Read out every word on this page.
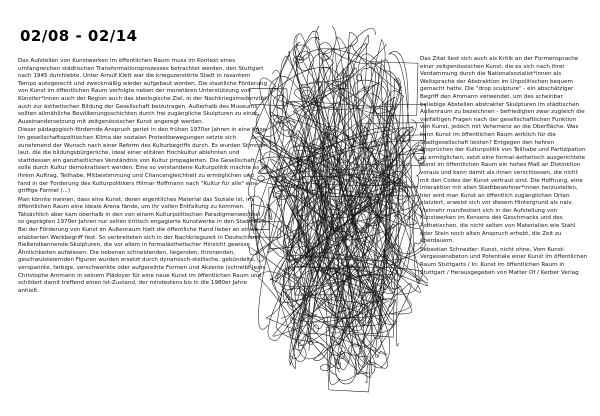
02/08 - 02/14

Das Aufstellen von Kunstwerken im öffentlichen Raum muss im Kontext eines umfangreichen städtischen Transformationsprozesses betrachtet werden, den Stuttgart nach 1945 durchlebte. Unter Arnulf Klett war die kriegszerstörte Stadt in rasantem Tempo autogerecht und zweckmäßig wieder aufgebaut worden. Die staatliche Förderung von Kunst im öffentlichen Raum verfolgte neben der monetären Unterstützung von Künstler*innen auch der Region auch das ideologische Ziel, in der Nachkriegsmodernität auch zur ästhetischen Bildung der Gesellschaft beizutragen. Außerhalb des Museums sollten allmähliche Bevölkerungsschichten durch frei zugängliche Skulpturen zu einer Auseinandersetzung mit zeitgenössischer Kunst angeregt werden.

Dieser pädagogisch-fördernde Anspruch geriet in den frühen 1970er Jahren in eine Krise. Im gesellschaftspolitischen Klima der sozialen Protestbewegungen setzte sich zunehmend der Wunsch nach einer Reform des Kulturbegriffs durch. Es wurden Stimmen laut, die die bildungsbürgerliche, ideal einer elitären Hochkultur ablehnten und stattdessen ein ganzheitliches Verständnis von Kultur propagierten. Die Gesellschaft solle durch Kultur demokratisiert werden. Eine so verstandene Kulturpolitik machte es zu ihrem Auftrag, Teilhabe, Mitbestimmung und Chancengleichheit zu ermöglichen und fand in der Forderung des Kulturpolitikers Hilmar Hoffmann nach "Kultur für alle" eine griffige Formel (...)

Man könnte meinen, dass eine Kunst, deren eigentliches Material das Soziale ist, im öffentlichen Raum eine ideale Arena fände, um ihr vollen Entfaltung zu kommen. Tatsächlich aber kam oberhalb in den von einem Kulturpolitischen Paradigmenwechsel so geprägten 1970er Jahren nur selten kritisch engagierte Kunstwerke in den Stadtraum. Bei der Förderung von Kunst im Außenraum hielt die öffentliche Hand lieber an einem etablierten Werkbegriff fest. So verbreiteten sich in der Nachkriegszeit in Deutschland fließendkennende Skulpturen, die vor allem in formalästhetischer Hinsicht gewisse Ähnlichkeiten aufwiesen: Die nebenan schneidenden, liegenden, thronenden, geschwulsteiernden Figuren wurden ersetzt durch dynamisch-stellische, gebündelte, verspannte, farbige, verschwenkte oder aufgereihte Formen und Akzente (schreibt Jean-Christophe Ammann in seinem Plädoyer für eine neue Kunst im öffentlichen Raum und schildert damit treffend einen Ist-Zustand, der mindestens bis in die 1980er Jahre anhielt.

Das Zitat liest sich auch als Kritik an der Formensprache einer zeitgenössischen Kunst, die es sich nach ihrer Verdammung durch die Nationalsozialist*innen als Weltsprache der Abstraktion im Unpolitischen bequem gemacht hatte. Die "drop sculpture" - ein abschätziger Begriff den Ammann verwendet, um des scheinbar beliebige Abstellen abstrakter Skulpturen im städtischen Außenraum zu bezeichnen - befriedigten zwar zugleich die vielfältigen Fragen nach der gesellschaftlichen Funktion von Kunst, jedoch mit Vehemenz an die Oberfläche. Was kann Kunst im öffentlichen Raum wirklich für die Stadtgesellschaft leisten? Entgegen den hehren Ansprüchen der Kulturpolitik von Teilhabe und Partizipation zu ermöglichen, setzt eine formal-ästhetisch ausgerichtete Kunst im öffentlichen Raum ein hohes Maß an Distinktion voraus und kann damit als ihnen verschlossen, die nicht mit den Codes der Kunst vertraut sind. Die Hoffnung, eine Interaktion mit allen Stadtbewohner*innen herzustellen, hier wird man Kunst an öffentlich zugänglichen Orten platziert, erweist sich vor diesem Hintergrund als naiv. Vielmehr manifestiert sich in der Aufstellung von Kunstwerken im Konsens des Geschmacks und des Ästhetischen, die nicht selten von Materialien wie Stahl oder Stein noch alten Anspruch erhebt, die Zeit zu überdauern.

Sebastian Schneider: Kunst, nicht ohne, Vom Kunst-Vergessensbeton und Potentiale einer Kunst im öffentlichen Raum Stuttgarts / In: Kunst im öffentlichen Raum in Stuttgart / Herausgegeben von Matter Of / Kerber Verlag
